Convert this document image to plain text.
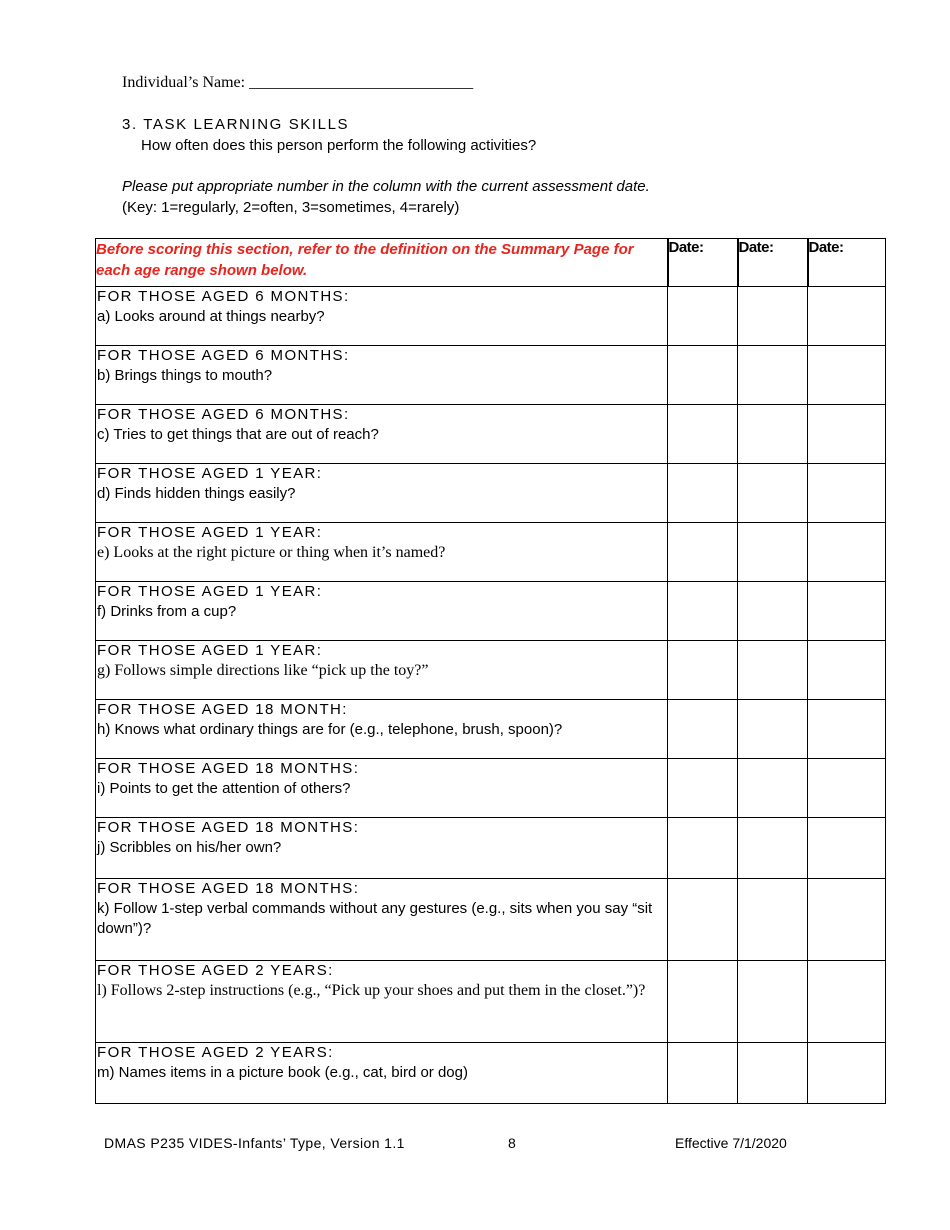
Individual’s Name: ____________________________
3. TASK LEARNING SKILLS
How often does this person perform the following activities?
Please put appropriate number in the column with the current assessment date.
(Key: 1=regularly, 2=often, 3=sometimes, 4=rarely)
Before scoring this section, refer to the definition on the Summary Page for each age range shown below.	Date:	Date:	Date:

FOR THOSE AGED 6 MONTHS:
a) Looks around at things nearby?			

FOR THOSE AGED 6 MONTHS:
b) Brings things to mouth?			

FOR THOSE AGED 6 MONTHS:
c) Tries to get things that are out of reach?			

FOR THOSE AGED 1 YEAR:
d) Finds hidden things easily?			

FOR THOSE AGED 1 YEAR:
e) Looks at the right picture or thing when it’s named?			

FOR THOSE AGED 1 YEAR:
f) Drinks from a cup?			

FOR THOSE AGED 1 YEAR:
g) Follows simple directions like “pick up the toy?”			

FOR THOSE AGED 18 MONTH:
h) Knows what ordinary things are for (e.g., telephone, brush, spoon)?			

FOR THOSE AGED 18 MONTHS:
i) Points to get the attention of others?			

FOR THOSE AGED 18 MONTHS:
j) Scribbles on his/her own?			

FOR THOSE AGED 18 MONTHS:
k) Follow 1-step verbal commands without any gestures (e.g., sits when you say “sit down”)?			

FOR THOSE AGED 2 YEARS:
l) Follows 2-step instructions (e.g., “Pick up your shoes and put them in the closet.”)?			

FOR THOSE AGED 2 YEARS:
m) Names items in a picture book (e.g., cat, bird or dog)			

DMAS P235 VIDES-Infants’ Type, Version 1.1	8	Effective 7/1/2020
